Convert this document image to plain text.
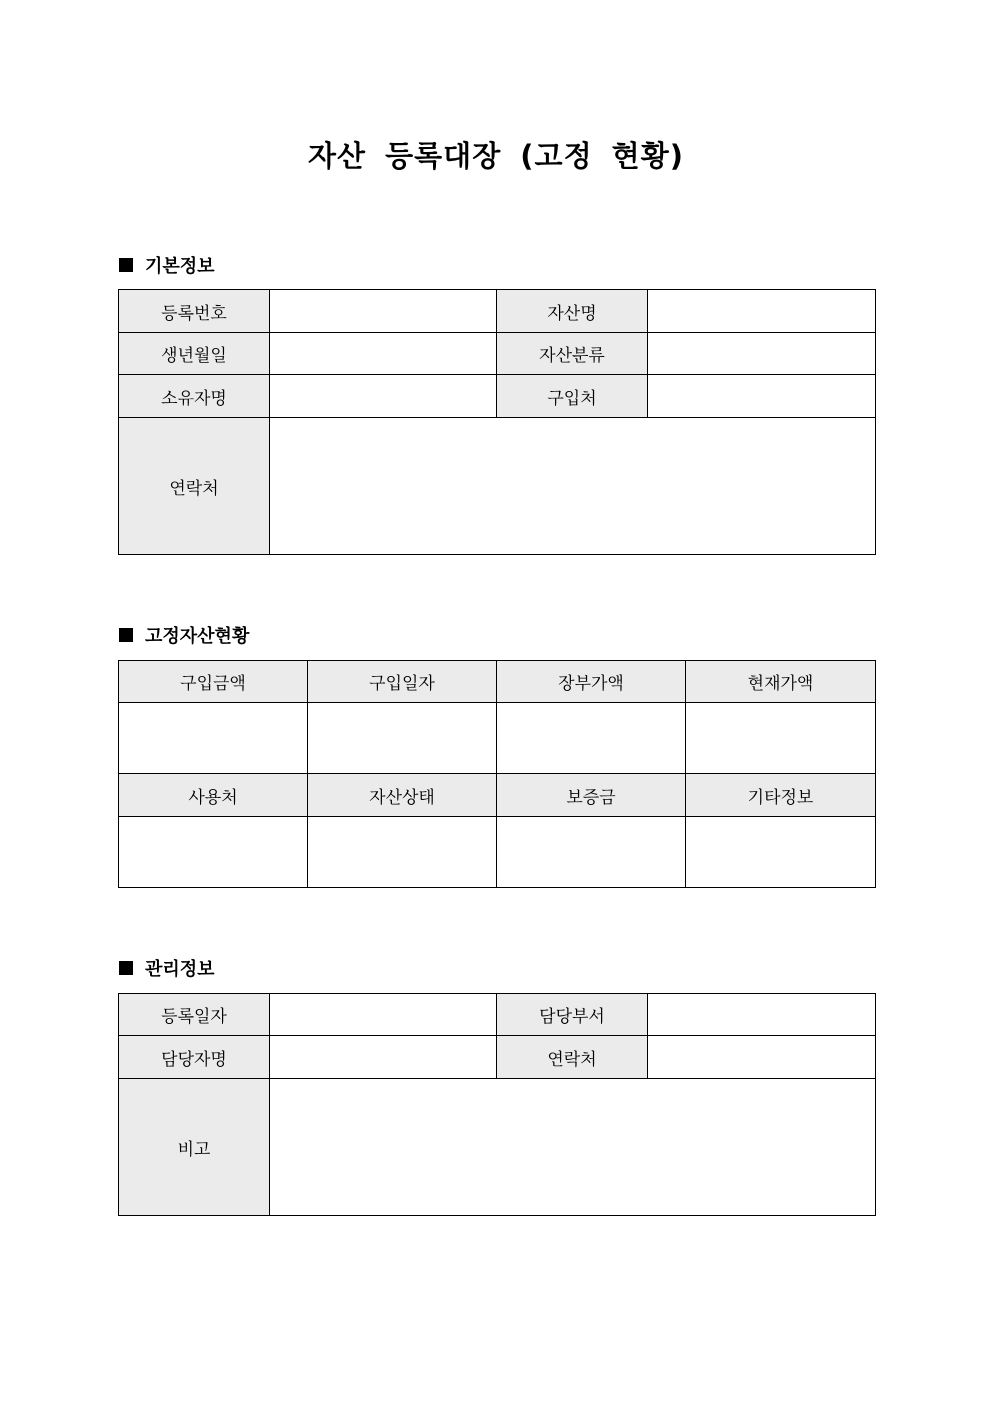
자산 등록대장 (고정 현황)
기본정보
등록번호		자산명	
생년월일		자산분류	
소유자명		구입처	
연락처			
고정자산현황
구입금액	구입일자	장부가액	현재가액

사용처	자산상태	보증금	기타정보

관리정보
등록일자		담당부서	
담당자명		연락처	
비고			
